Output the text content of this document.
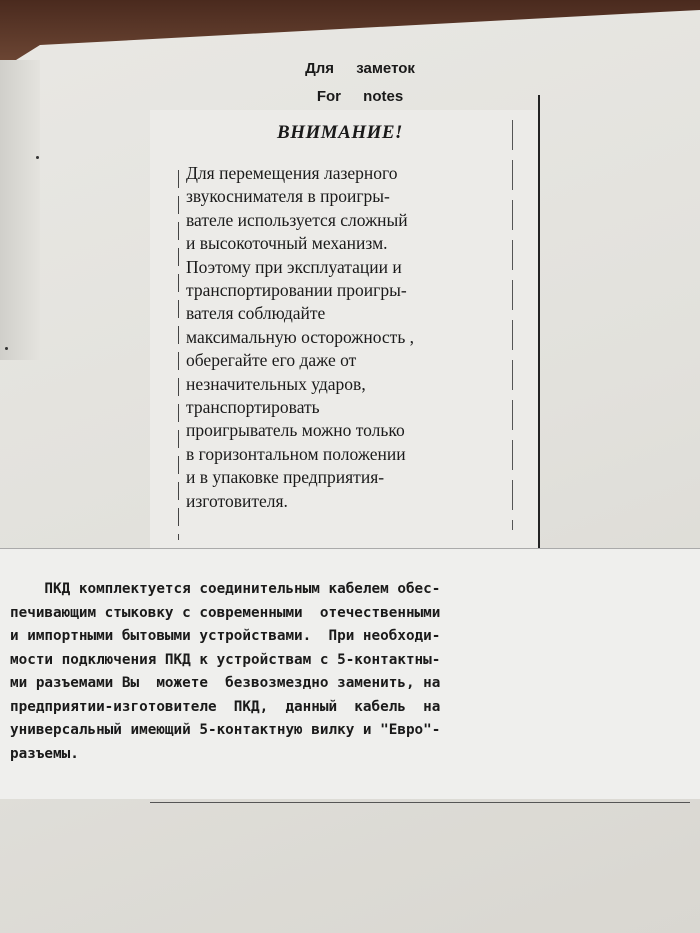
Для заметок
For notes
ВНИМАНИЕ!
Для перемещения лазерного
звукоснимателя в проигры-
вателе используется сложный
и высокоточный механизм.
Поэтому при эксплуатации и
транспортировании проигры-
вателя соблюдайте
максимальную осторожность ,
оберегайте его даже от
незначительных ударов,
транспортировать
проигрыватель можно только
в горизонтальном положении
и в упаковке предприятия-
изготовителя.
ПКД комплектуется соединительным кабелем обес-
печивающим стыковку с современными  отечественными
и импортными бытовыми устройствами.  При необходи-
мости подключения ПКД к устройствам с 5-контактны-
ми разъемами Вы  можете  безвозмездно заменить, на
предприятии-изготовителе  ПКД,  данный  кабель  на
универсальный имеющий 5-контактную вилку и "Евро"-
разъемы.
